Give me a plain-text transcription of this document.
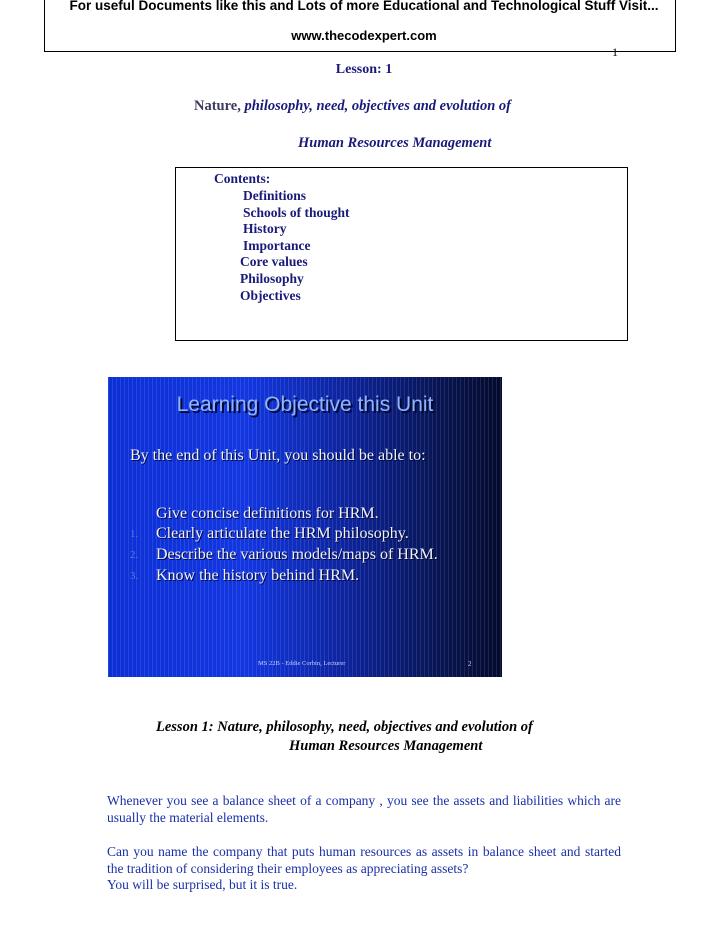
For useful Documents like this and Lots of more Educational and Technological Stuff Visit...
www.thecodexpert.com
1
Lesson: 1
Nature, philosophy, need, objectives and evolution of
Human Resources Management
Contents:
Definitions
Schools of thought
History
Importance
Core values
Philosophy
Objectives
Learning Objective this Unit
By the end of this Unit, you should be able to:
Give concise definitions for HRM.
1. Clearly articulate the HRM philosophy.
2. Describe the various models/maps of HRM.
3. Know the history behind HRM.
MS 22B - Eddie Corbin, Lecturer	2
Lesson 1: Nature, philosophy, need, objectives and evolution of
Human Resources Management
Whenever you see a balance sheet of a company , you see the assets and liabilities which are usually the material elements.
Can you name the company that puts human resources as assets in balance sheet and started the tradition of considering their employees as appreciating assets?
You will be surprised, but it is true.
